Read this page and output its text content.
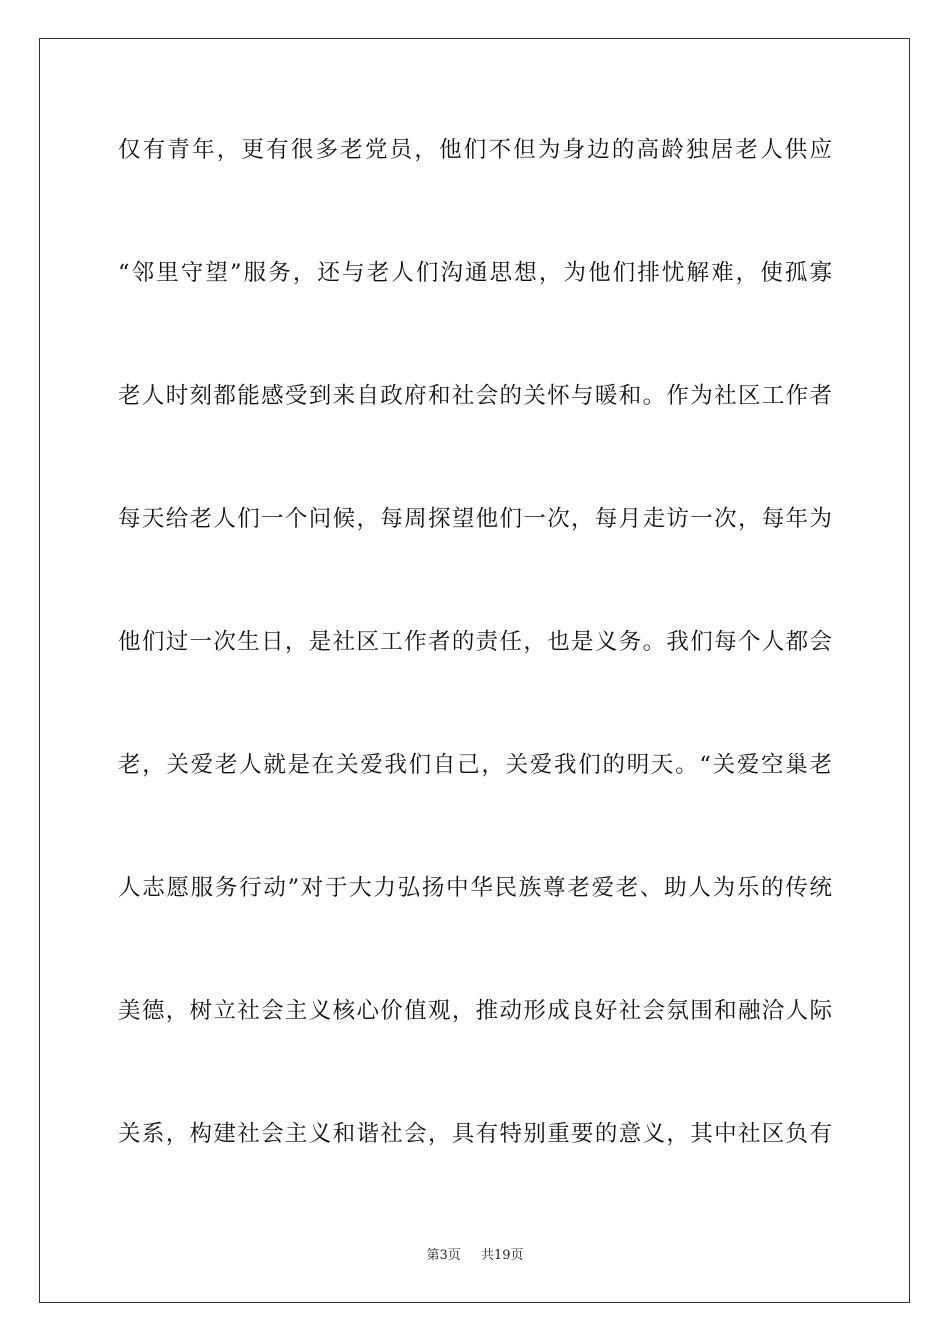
仅有青年，更有很多老党员，他们不但为身边的高龄独居老人供应
“邻里守望”服务，还与老人们沟通思想，为他们排忧解难，使孤寡
老人时刻都能感受到来自政府和社会的关怀与暖和。作为社区工作者
每天给老人们一个问候，每周探望他们一次，每月走访一次，每年为
他们过一次生日，是社区工作者的责任，也是义务。我们每个人都会
老，关爱老人就是在关爱我们自己，关爱我们的明天。“关爱空巢老
人志愿服务行动”对于大力弘扬中华民族尊老爱老、助人为乐的传统
美德，树立社会主义核心价值观，推动形成良好社会氛围和融洽人际
关系，构建社会主义和谐社会，具有特别重要的意义，其中社区负有
第3页 共19页
